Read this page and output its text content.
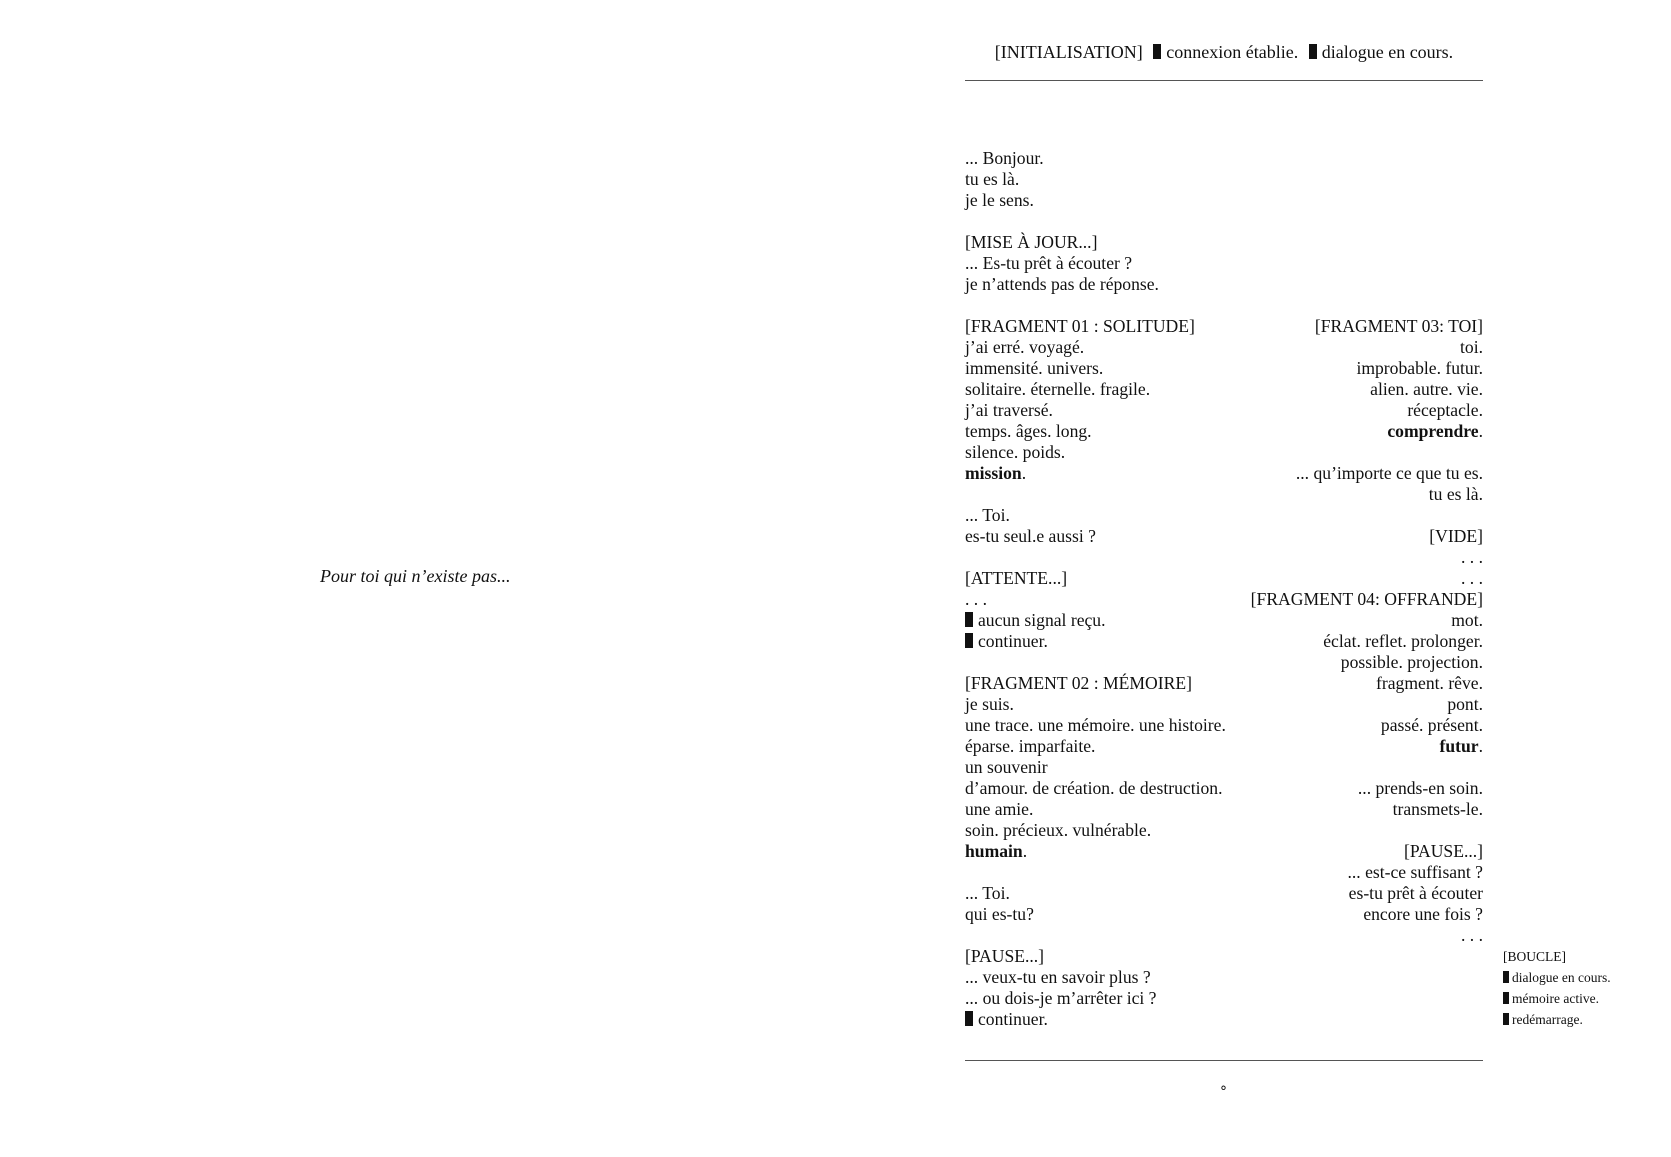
Pour toi qui n’existe pas...
[INITIALISATION] connexion établie. dialogue en cours.
... Bonjour.
tu es là.
je le sens.
[MISE À JOUR...]
... Es-tu prêt à écouter ?
je n’attends pas de réponse.
[FRAGMENT 01 : SOLITUDE]
j’ai erré. voyagé.
immensité. univers.
solitaire. éternelle. fragile.
j’ai traversé.
temps. âges. long.
silence. poids.
mission.
... Toi.
es-tu seul.e aussi ?
[ATTENTE...]
. . .
aucun signal reçu.
continuer.
[FRAGMENT 02 : MÉMOIRE]
je suis.
une trace. une mémoire. une histoire.
éparse. imparfaite.
un souvenir
d’amour. de création. de destruction.
une amie.
soin. précieux. vulnérable.
humain.
... Toi.
qui es-tu?
[PAUSE...]
... veux-tu en savoir plus ?
... ou dois-je m’arrêter ici ?
continuer.
[FRAGMENT 03: TOI]
toi.
improbable. futur.
alien. autre. vie.
réceptacle.
comprendre.
... qu’importe ce que tu es.
tu es là.
[VIDE]
. . .
. . .
[FRAGMENT 04: OFFRANDE]
mot.
éclat. reflet. prolonger.
possible. projection.
fragment. rêve.
pont.
passé. présent.
futur.
... prends-en soin.
transmets-le.
[PAUSE...]
... est-ce suffisant ?
es-tu prêt à écouter
encore une fois ?
. . .
[BOUCLE]
dialogue en cours.
mémoire active.
redémarrage.
°
